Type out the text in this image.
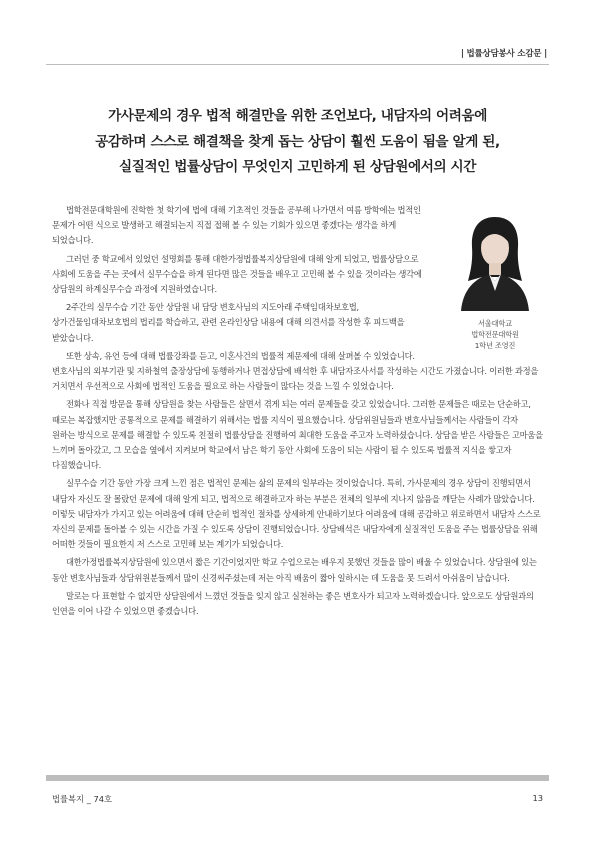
| 법률상담봉사 소감문 |
가사문제의 경우 법적 해결만을 위한 조언보다, 내담자의 어려움에
공감하며 스스로 해결책을 찾게 돕는 상담이 훨씬 도움이 됨을 알게 된,
실질적인 법률상담이 무엇인지 고민하게 된 상담원에서의 시간
서울대학교
법학전문대학원
1학년 조영진
법학전문대학원에 진학한 첫 학기에 법에 대해 기초적인 것들을 공부해 나가면서 여름 방학에는 법적인 문제가 어떤 식으로 발생하고 해결되는지 직접 접해 볼 수 있는 기회가 있으면 좋겠다는 생각을 하게 되었습니다.
그러던 중 학교에서 있었던 설명회를 통해 대한가정법률복지상담원에 대해 알게 되었고, 법률상담으로 사회에 도움을 주는 곳에서 실무수습을 하게 된다면 많은 것들을 배우고 고민해 볼 수 있을 것이라는 생각에 상담원의 하계실무수습 과정에 지원하였습니다.
2주간의 실무수습 기간 동안 상담원 내 담당 변호사님의 지도아래 주택임대차보호법, 상가건물임대차보호법의 법리를 학습하고, 관련 온라인상담 내용에 대해 의견서를 작성한 후 피드백을 받았습니다.
또한 상속, 유언 등에 대해 법률강좌를 듣고, 이혼사건의 법률적 제문제에 대해 살펴볼 수 있었습니다. 변호사님의 외부기관 및 지하철역 출장상담에 동행하거나 면접상담에 배석한 후 내담자조사서를 작성하는 시간도 가졌습니다. 이러한 과정을 거치면서 우선적으로 사회에 법적인 도움을 필요로 하는 사람들이 많다는 것을 느낄 수 있었습니다.
전화나 직접 방문을 통해 상담원을 찾는 사람들은 살면서 겪게 되는 여러 문제들을 갖고 있었습니다. 그러한 문제들은 때로는 단순하고, 때로는 복잡했지만 공통적으로 문제를 해결하기 위해서는 법률 지식이 필요했습니다. 상담위원님들과 변호사님들께서는 사람들이 각자 원하는 방식으로 문제를 해결할 수 있도록 친절히 법률상담을 진행하여 최대한 도움을 주고자 노력하셨습니다. 상담을 받은 사람들은 고마움을 느끼며 돌아갔고, 그 모습을 옆에서 지켜보며 학교에서 남은 학기 동안 사회에 도움이 되는 사람이 될 수 있도록 법률적 지식을 쌓고자 다짐했습니다.
실무수습 기간 동안 가장 크게 느낀 점은 법적인 문제는 삶의 문제의 일부라는 것이었습니다. 특히, 가사문제의 경우 상담이 진행되면서 내담자 자신도 잘 몰랐던 문제에 대해 알게 되고, 법적으로 해결하고자 하는 부분은 전체의 일부에 지나지 않음을 깨닫는 사례가 많았습니다. 이렇듯 내담자가 가지고 있는 어려움에 대해 단순히 법적인 절차를 상세하게 안내하기보다 어려움에 대해 공감하고 위로하면서 내담자 스스로 자신의 문제를 돌아볼 수 있는 시간을 가질 수 있도록 상담이 진행되었습니다. 상담배석은 내담자에게 실질적인 도움을 주는 법률상담을 위해 어떠한 것들이 필요한지 저 스스로 고민해 보는 계기가 되었습니다.
대한가정법률복지상담원에 있으면서 짧은 기간이었지만 학교 수업으로는 배우지 못했던 것들을 많이 배울 수 있었습니다. 상담원에 있는 동안 변호사님들과 상담위원분들께서 많이 신경써주셨는데 저는 아직 배움이 짧아 일하시는 데 도움을 못 드려서 아쉬움이 남습니다.
말로는 다 표현할 수 없지만 상담원에서 느꼈던 것들을 잊지 않고 실천하는 좋은 변호사가 되고자 노력하겠습니다. 앞으로도 상담원과의 인연을 이어 나갈 수 있었으면 좋겠습니다.
법률복지 _ 74호	13
